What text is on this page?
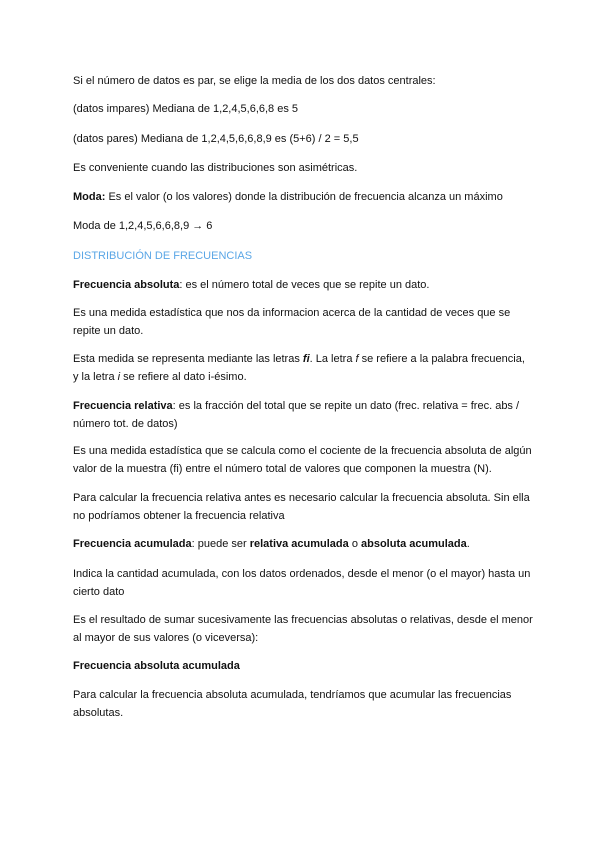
Si el número de datos es par, se elige la media de los dos datos centrales:

(datos impares) Mediana de 1,2,4,5,6,6,8 es 5

(datos pares) Mediana de 1,2,4,5,6,6,8,9 es (5+6) / 2 = 5,5

Es conveniente cuando las distribuciones son asimétricas.

Moda: Es el valor (o los valores) donde la distribución de frecuencia alcanza un máximo

Moda de 1,2,4,5,6,6,8,9 → 6

DISTRIBUCIÓN DE FRECUENCIAS

Frecuencia absoluta: es el número total de veces que se repite un dato.

Es una medida estadística que nos da informacion acerca de la cantidad de veces que se repite un dato.

Esta medida se representa mediante las letras fi. La letra f se refiere a la palabra frecuencia, y la letra i se refiere al dato i-ésimo.

Frecuencia relativa: es la fracción del total que se repite un dato (frec. relativa = frec. abs / número tot. de datos)

Es una medida estadística que se calcula como el cociente de la frecuencia absoluta de algún valor de la muestra (fi) entre el número total de valores que componen la muestra (N).

Para calcular la frecuencia relativa antes es necesario calcular la frecuencia absoluta. Sin ella no podríamos obtener la frecuencia relativa

Frecuencia acumulada: puede ser relativa acumulada o absoluta acumulada.

Indica la cantidad acumulada, con los datos ordenados, desde el menor (o el mayor) hasta un cierto dato

Es el resultado de sumar sucesivamente las frecuencias absolutas o relativas, desde el menor al mayor de sus valores (o viceversa):

Frecuencia absoluta acumulada

Para calcular la frecuencia absoluta acumulada, tendríamos que acumular las frecuencias absolutas.
